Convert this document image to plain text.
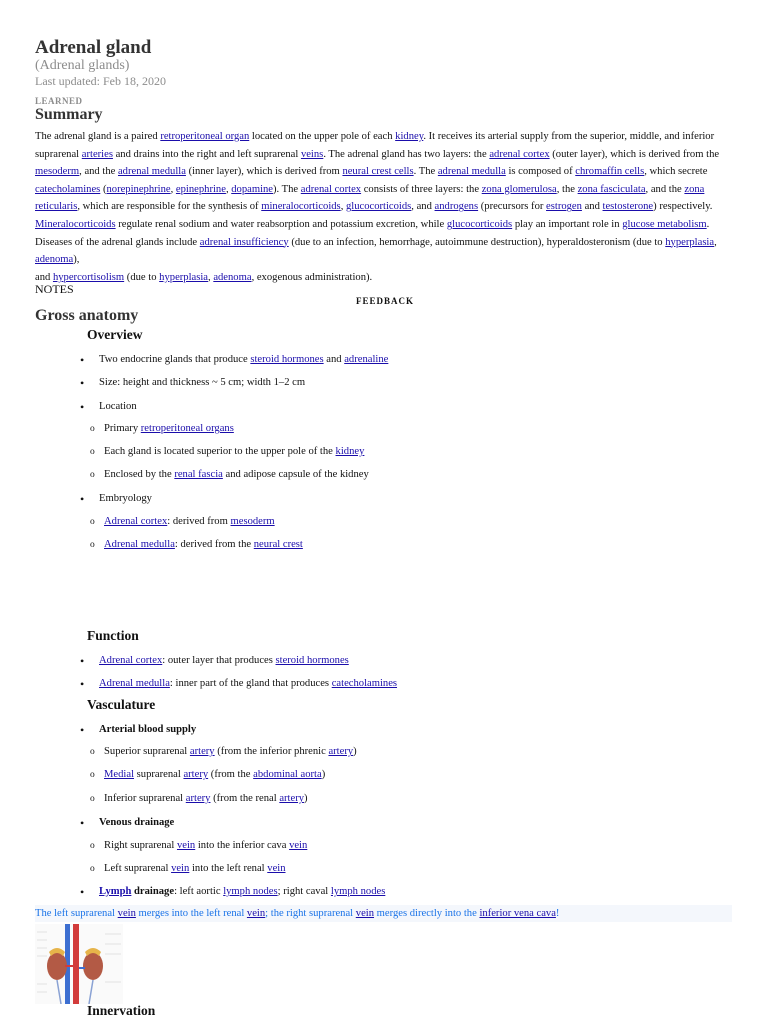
Adrenal gland
(Adrenal glands)
Last updated: Feb 18, 2020
LEARNED
Summary

The adrenal gland is a paired retroperitoneal organ located on the upper pole of each kidney. It receives its arterial supply from the superior, middle, and inferior suprarenal arteries and drains into the right and left suprarenal veins. The adrenal gland has two layers: the adrenal cortex (outer layer), which is derived from the mesoderm, and the adrenal medulla (inner layer), which is derived from neural crest cells. The adrenal medulla is composed of chromaffin cells, which secrete catecholamines (norepinephrine, epinephrine, dopamine). The adrenal cortex consists of three layers: the zona glomerulosa, the zona fasciculata, and the zona reticularis, which are responsible for the synthesis of mineralocorticoids, glucocorticoids, and androgens (precursors for estrogen and testosterone) respectively. Mineralocorticoids regulate renal sodium and water reabsorption and potassium excretion, while glucocorticoids play an important role in glucose metabolism. Diseases of the adrenal glands include adrenal insufficiency (due to an infection, hemorrhage, autoimmune destruction), hyperaldosteronism (due to hyperplasia, adenoma),
and hypercortisolism (due to hyperplasia, adenoma, exogenous administration).

NOTES
FEEDBACK
Gross anatomy
Overview
Function
Vasculature
The left suprarenal vein merges into the left renal vein; the right suprarenal vein merges directly into the inferior vena cava!
Innervation
• Two endocrine glands that produce steroid hormones and adrenaline
• Size: height and thickness ~ 5 cm; width 1–2 cm
• Location
o Primary retroperitoneal organs
o Each gland is located superior to the upper pole of the kidney
o Enclosed by the renal fascia and adipose capsule of the kidney
• Embryology
o Adrenal cortex: derived from mesoderm
o Adrenal medulla: derived from the neural crest
• Adrenal cortex: outer layer that produces steroid hormones
• Adrenal medulla: inner part of the gland that produces catecholamines
• Arterial blood supply
o Superior suprarenal artery (from the inferior phrenic artery)
o Medial suprarenal artery (from the abdominal aorta)
o Inferior suprarenal artery (from the renal artery)
• Venous drainage
o Right suprarenal vein into the inferior cava vein
o Left suprarenal vein into the left renal vein
• Lymph drainage: left aortic lymph nodes; right caval lymph nodes
